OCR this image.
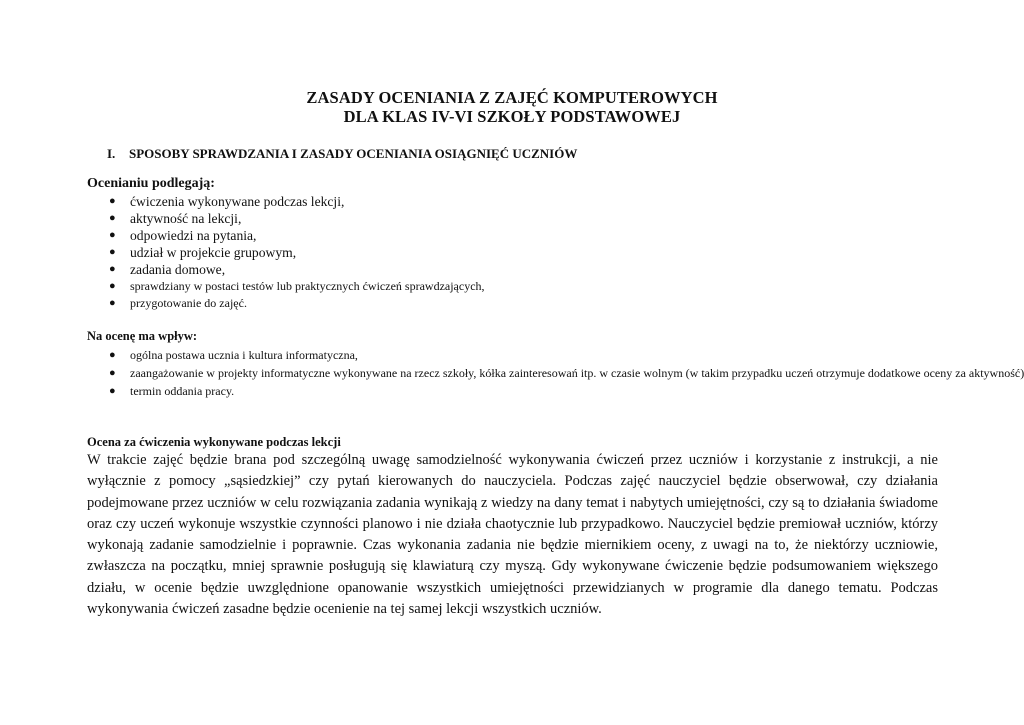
ZASADY OCENIANIA Z ZAJĘĆ KOMPUTEROWYCH
DLA KLAS IV-VI SZKOŁY PODSTAWOWEJ
I. SPOSOBY SPRAWDZANIA I ZASADY OCENIANIA OSIĄGNIĘĆ UCZNIÓW
Ocenianiu podlegają:
● ćwiczenia wykonywane podczas lekcji,
● aktywność na lekcji,
● odpowiedzi na pytania,
● udział w projekcie grupowym,
● zadania domowe,
● sprawdziany w postaci testów lub praktycznych ćwiczeń sprawdzających,
● przygotowanie do zajęć.
Na ocenę ma wpływ:
● ogólna postawa ucznia i kultura informatyczna,
● zaangażowanie w projekty informatyczne wykonywane na rzecz szkoły, kółka zainteresowań itp. w czasie wolnym (w takim przypadku uczeń otrzymuje dodatkowe oceny za aktywność)
● termin oddania pracy.
Ocena za ćwiczenia wykonywane podczas lekcji

W trakcie zajęć będzie brana pod szczególną uwagę samodzielność wykonywania ćwiczeń przez uczniów i korzystanie z instrukcji, a nie wyłącznie z pomocy „sąsiedzkiej” czy pytań kierowanych do nauczyciela. Podczas zajęć nauczyciel będzie obserwował, czy działania podejmowane przez uczniów w celu rozwiązania zadania wynikają z wiedzy na dany temat i nabytych umiejętności, czy są to działania świadome oraz czy uczeń wykonuje wszystkie czynności planowo i nie działa chaotycznie lub przypadkowo. Nauczyciel będzie premiował uczniów, którzy wykonają zadanie samodzielnie i poprawnie. Czas wykonania zadania nie będzie miernikiem oceny, z uwagi na to, że niektórzy uczniowie, zwłaszcza na początku, mniej sprawnie posługują się klawiaturą czy myszą. Gdy wykonywane ćwiczenie będzie podsumowaniem większego działu, w ocenie będzie uwzględnione opanowanie wszystkich umiejętności przewidzianych w programie dla danego tematu. Podczas wykonywania ćwiczeń zasadne będzie ocenienie na tej samej lekcji wszystkich uczniów.
